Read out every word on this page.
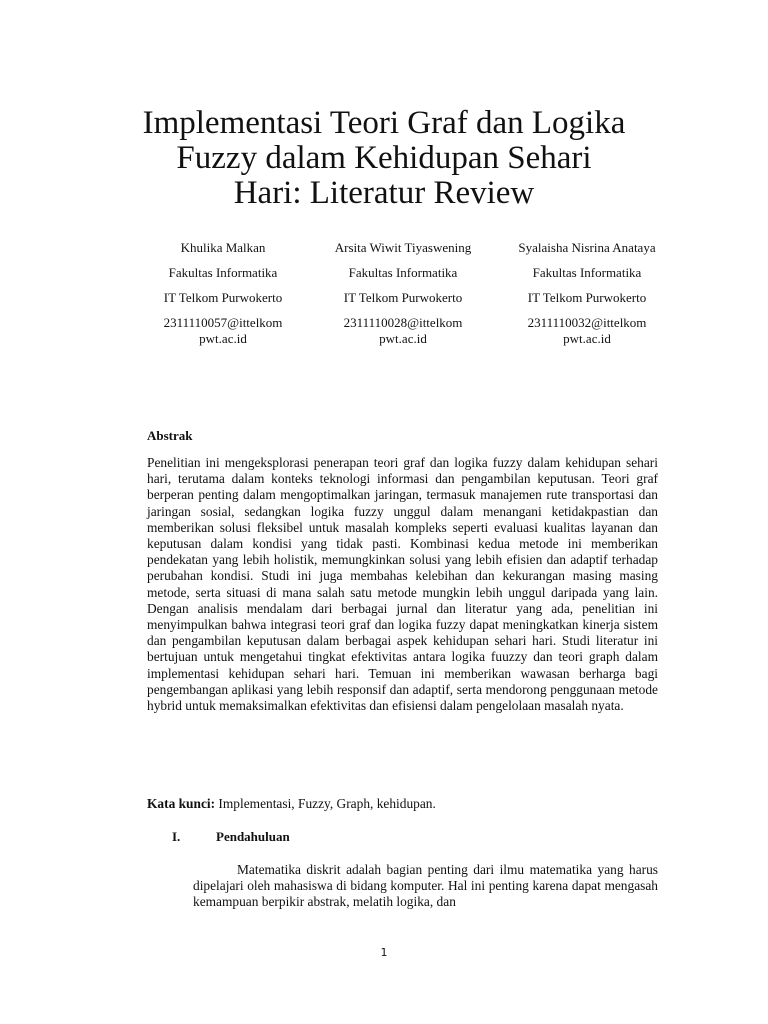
Implementasi Teori Graf dan Logika
Fuzzy dalam Kehidupan Sehari
Hari: Literatur Review
Khulika Malkan
Fakultas Informatika
IT Telkom Purwokerto
2311110057@ittelkom
pwt.ac.id
Arsita Wiwit Tiyaswening
Fakultas Informatika
IT Telkom Purwokerto
2311110028@ittelkom
pwt.ac.id
Syalaisha Nisrina Anataya
Fakultas Informatika
IT Telkom Purwokerto
2311110032@ittelkom
pwt.ac.id
Abstrak

Penelitian ini mengeksplorasi penerapan teori graf dan logika fuzzy dalam kehidupan sehari hari, terutama dalam konteks teknologi informasi dan pengambilan keputusan. Teori graf berperan penting dalam mengoptimalkan jaringan, termasuk manajemen rute transportasi dan jaringan sosial, sedangkan logika fuzzy unggul dalam menangani ketidakpastian dan memberikan solusi fleksibel untuk masalah kompleks seperti evaluasi kualitas layanan dan keputusan dalam kondisi yang tidak pasti. Kombinasi kedua metode ini memberikan pendekatan yang lebih holistik, memungkinkan solusi yang lebih efisien dan adaptif terhadap perubahan kondisi. Studi ini juga membahas kelebihan dan kekurangan masing masing metode, serta situasi di mana salah satu metode mungkin lebih unggul daripada yang lain. Dengan analisis mendalam dari berbagai jurnal dan literatur yang ada, penelitian ini menyimpulkan bahwa integrasi teori graf dan logika fuzzy dapat meningkatkan kinerja sistem dan pengambilan keputusan dalam berbagai aspek kehidupan sehari hari. Studi literatur ini bertujuan untuk mengetahui tingkat efektivitas antara logika fuuzzy dan teori graph dalam implementasi kehidupan sehari hari. Temuan ini memberikan wawasan berharga bagi pengembangan aplikasi yang lebih responsif dan adaptif, serta mendorong penggunaan metode hybrid untuk memaksimalkan efektivitas dan efisiensi dalam pengelolaan masalah nyata.

Kata kunci: Implementasi, Fuzzy, Graph, kehidupan.

I.	Pendahuluan

Matematika diskrit adalah bagian penting dari ilmu matematika yang harus dipelajari oleh mahasiswa di bidang komputer. Hal ini penting karena dapat mengasah kemampuan berpikir abstrak, melatih logika, dan

1
